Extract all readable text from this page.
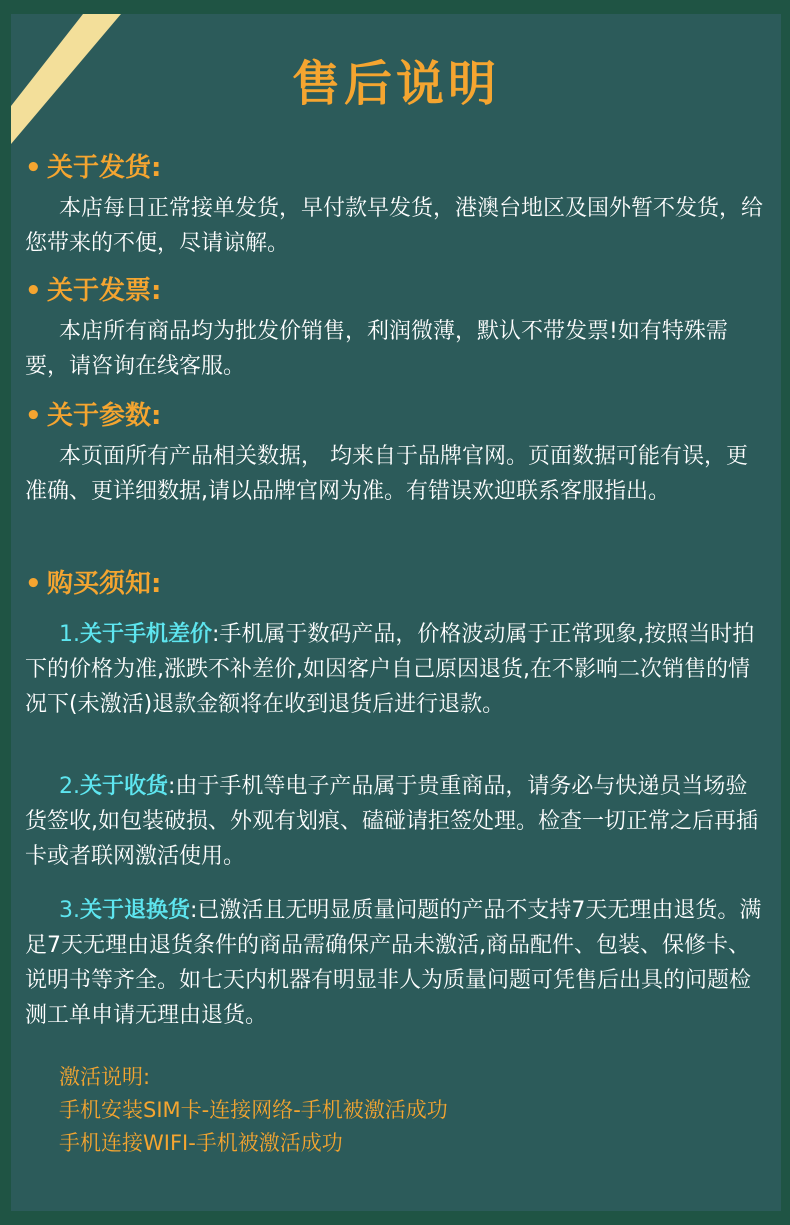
售后说明
• 关于发货:

本店每日正常接单发货，早付款早发货，港澳台地区及国外暂不发货，给您带来的不便，尽请谅解。

• 关于发票:

本店所有商品均为批发价销售，利润微薄，默认不带发票!如有特殊需要，请咨询在线客服。

• 关于参数:

本页面所有产品相关数据， 均来自于品牌官网。页面数据可能有误，更准确、更详细数据,请以品牌官网为准。有错误欢迎联系客服指出。

• 购买须知:

1.关于手机差价:手机属于数码产品，价格波动属于正常现象,按照当时拍下的价格为准,涨跌不补差价,如因客户自己原因退货,在不影响二次销售的情况下(未激活)退款金额将在收到退货后进行退款。

2.关于收货:由于手机等电子产品属于贵重商品，请务必与快递员当场验货签收,如包装破损、外观有划痕、磕碰请拒签处理。检查一切正常之后再插卡或者联网激活使用。

3.关于退换货:已激活且无明显质量问题的产品不支持7天无理由退货。满足7天无理由退货条件的商品需确保产品未激活,商品配件、包装、保修卡、说明书等齐全。如七天内机器有明显非人为质量问题可凭售后出具的问题检测工单申请无理由退货。

激活说明:
手机安装SIM卡-连接网络-手机被激活成功
手机连接WIFI-手机被激活成功
